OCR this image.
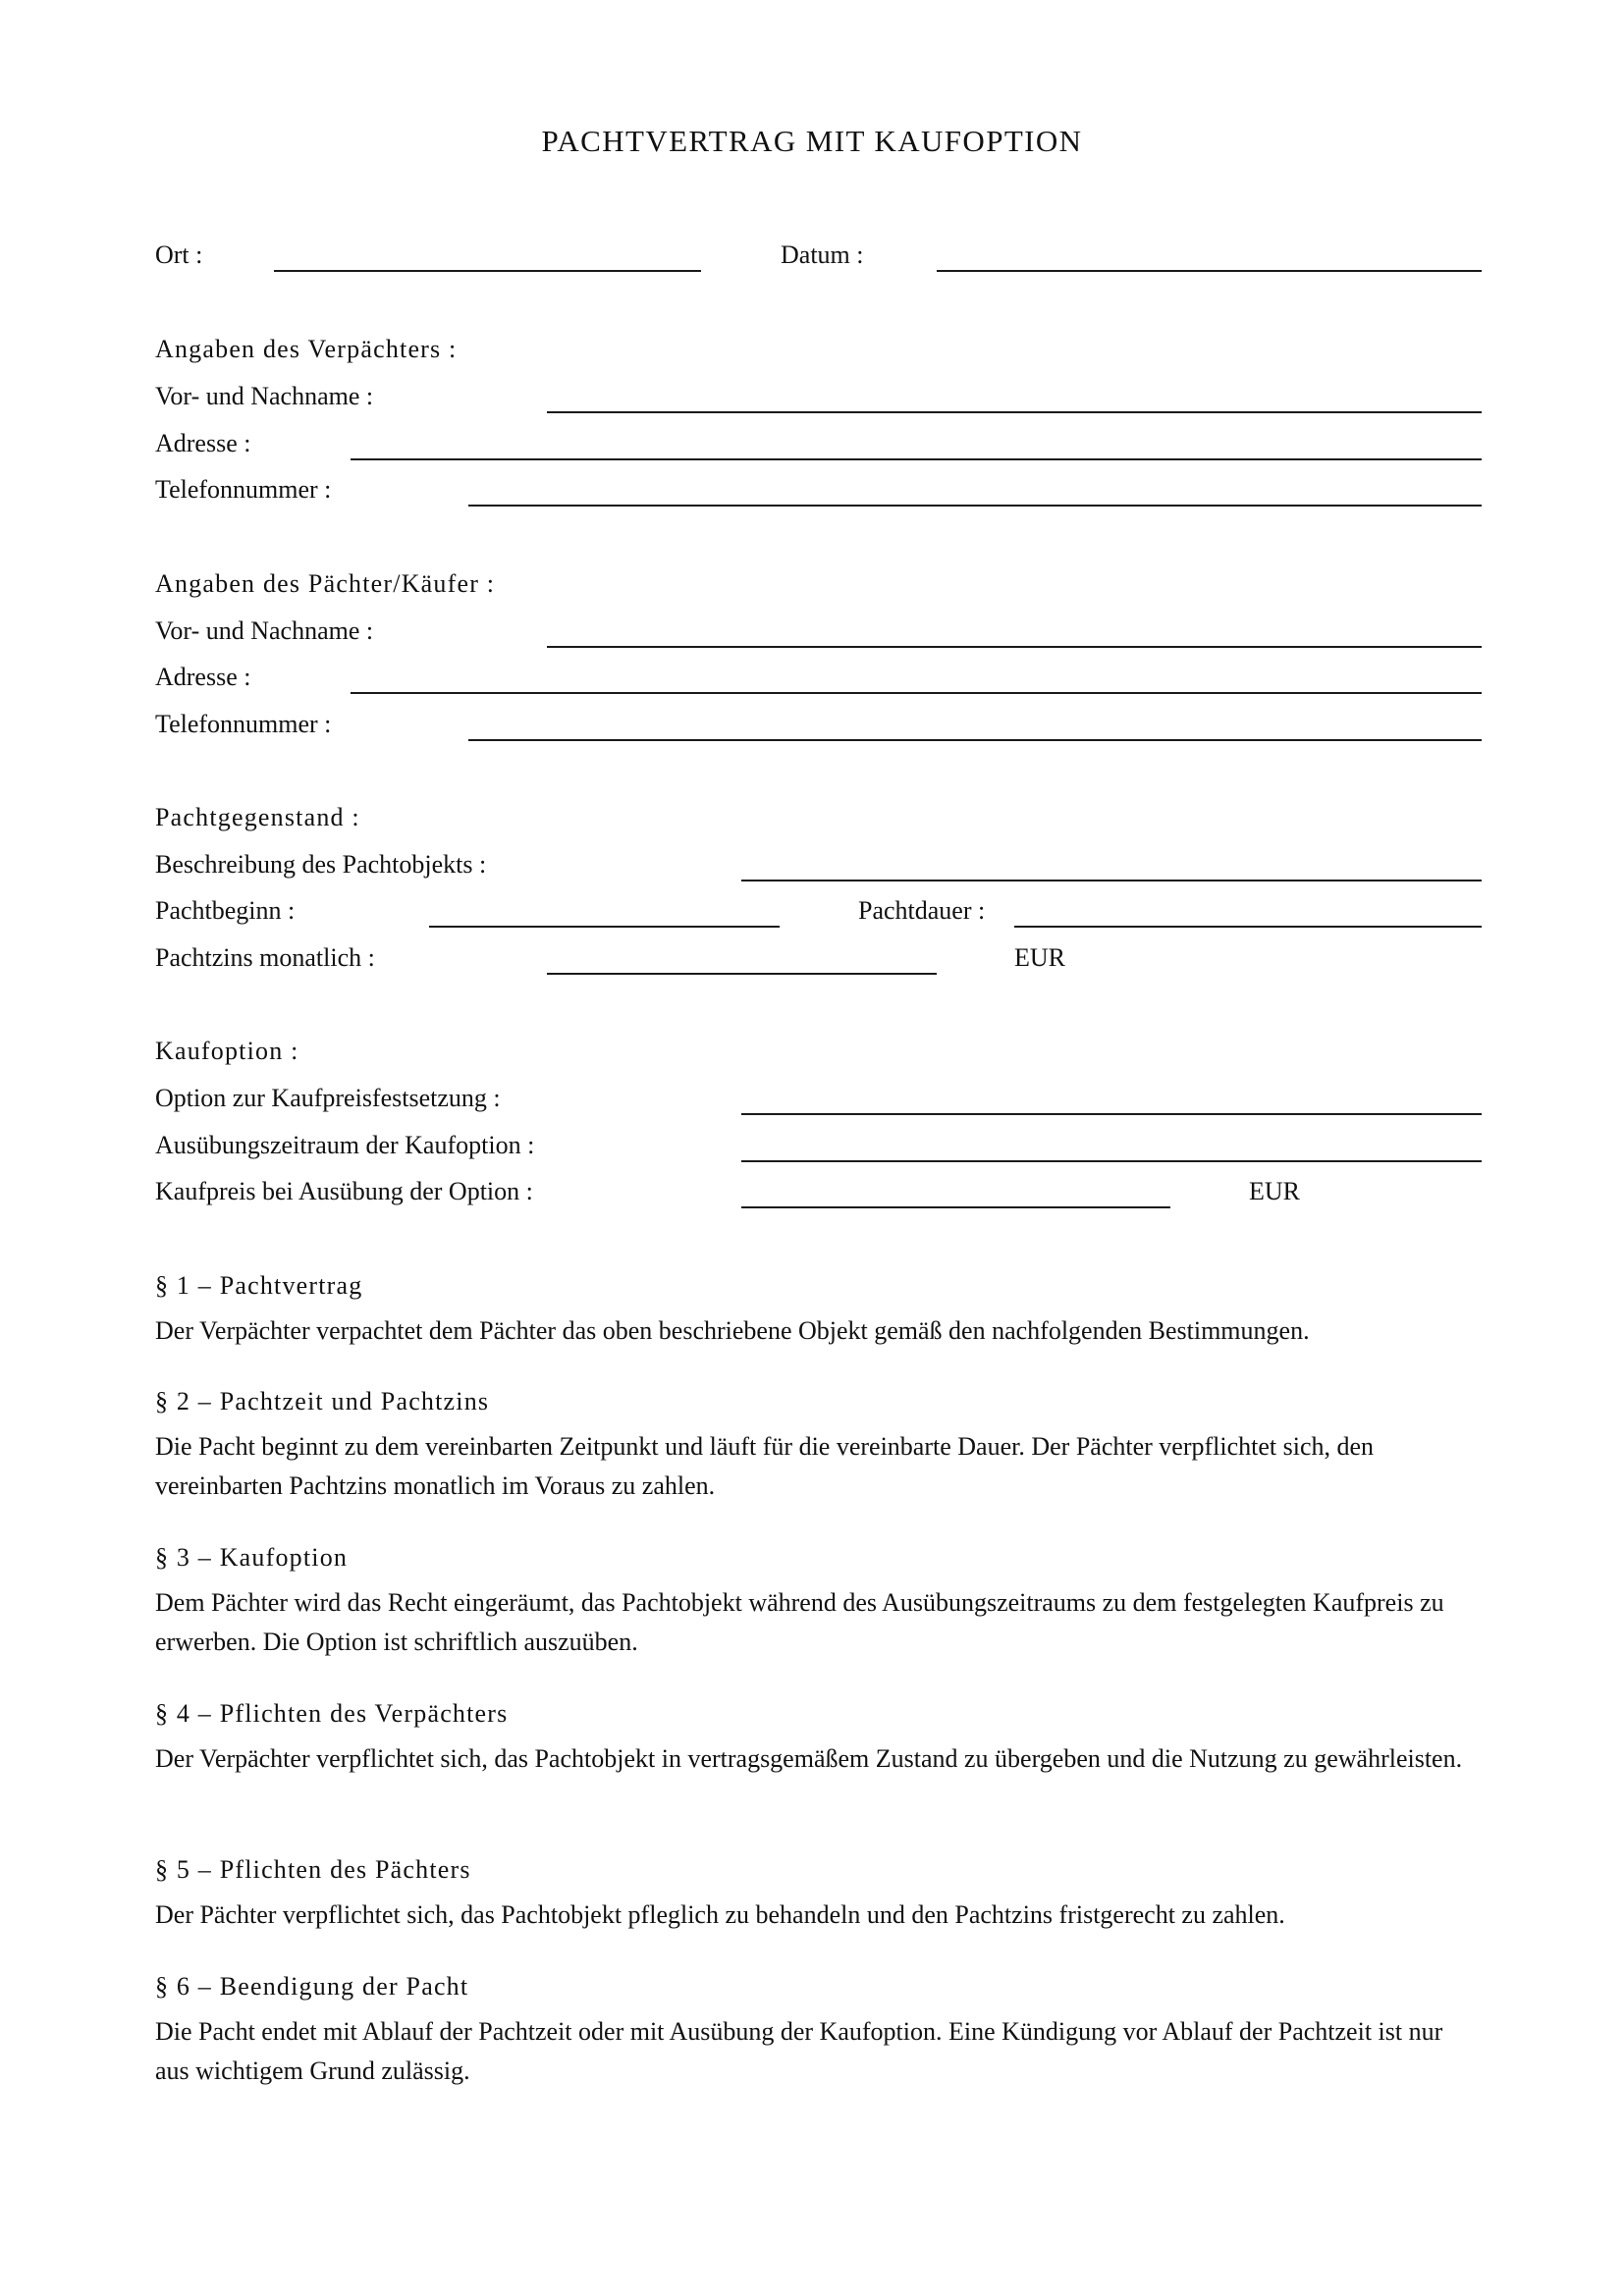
PACHTVERTRAG MIT KAUFOPTION
Ort :	Datum :
Angaben des Verpächters :
Vor- und Nachname :
Adresse :
Telefonnummer :
Angaben des Pächter/Käufer :
Vor- und Nachname :
Adresse :
Telefonnummer :
Pachtgegenstand :
Beschreibung des Pachtobjekts :
Pachtbeginn :	Pachtdauer :
Pachtzins monatlich :	EUR
Kaufoption :
Option zur Kaufpreisfestsetzung :
Ausübungszeitraum der Kaufoption :
Kaufpreis bei Ausübung der Option :	EUR
§ 1 – Pachtvertrag
Der Verpächter verpachtet dem Pächter das oben beschriebene Objekt gemäß den nachfolgenden Bestimmungen.
§ 2 – Pachtzeit und Pachtzins
Die Pacht beginnt zu dem vereinbarten Zeitpunkt und läuft für die vereinbarte Dauer. Der Pächter verpflichtet sich, den vereinbarten Pachtzins monatlich im Voraus zu zahlen.
§ 3 – Kaufoption
Dem Pächter wird das Recht eingeräumt, das Pachtobjekt während des Ausübungszeitraums zu dem festgelegten Kaufpreis zu erwerben. Die Option ist schriftlich auszuüben.
§ 4 – Pflichten des Verpächters
Der Verpächter verpflichtet sich, das Pachtobjekt in vertragsgemäßem Zustand zu übergeben und die Nutzung zu gewährleisten.
§ 5 – Pflichten des Pächters
Der Pächter verpflichtet sich, das Pachtobjekt pfleglich zu behandeln und den Pachtzins fristgerecht zu zahlen.
§ 6 – Beendigung der Pacht
Die Pacht endet mit Ablauf der Pachtzeit oder mit Ausübung der Kaufoption. Eine Kündigung vor Ablauf der Pachtzeit ist nur aus wichtigem Grund zulässig.
